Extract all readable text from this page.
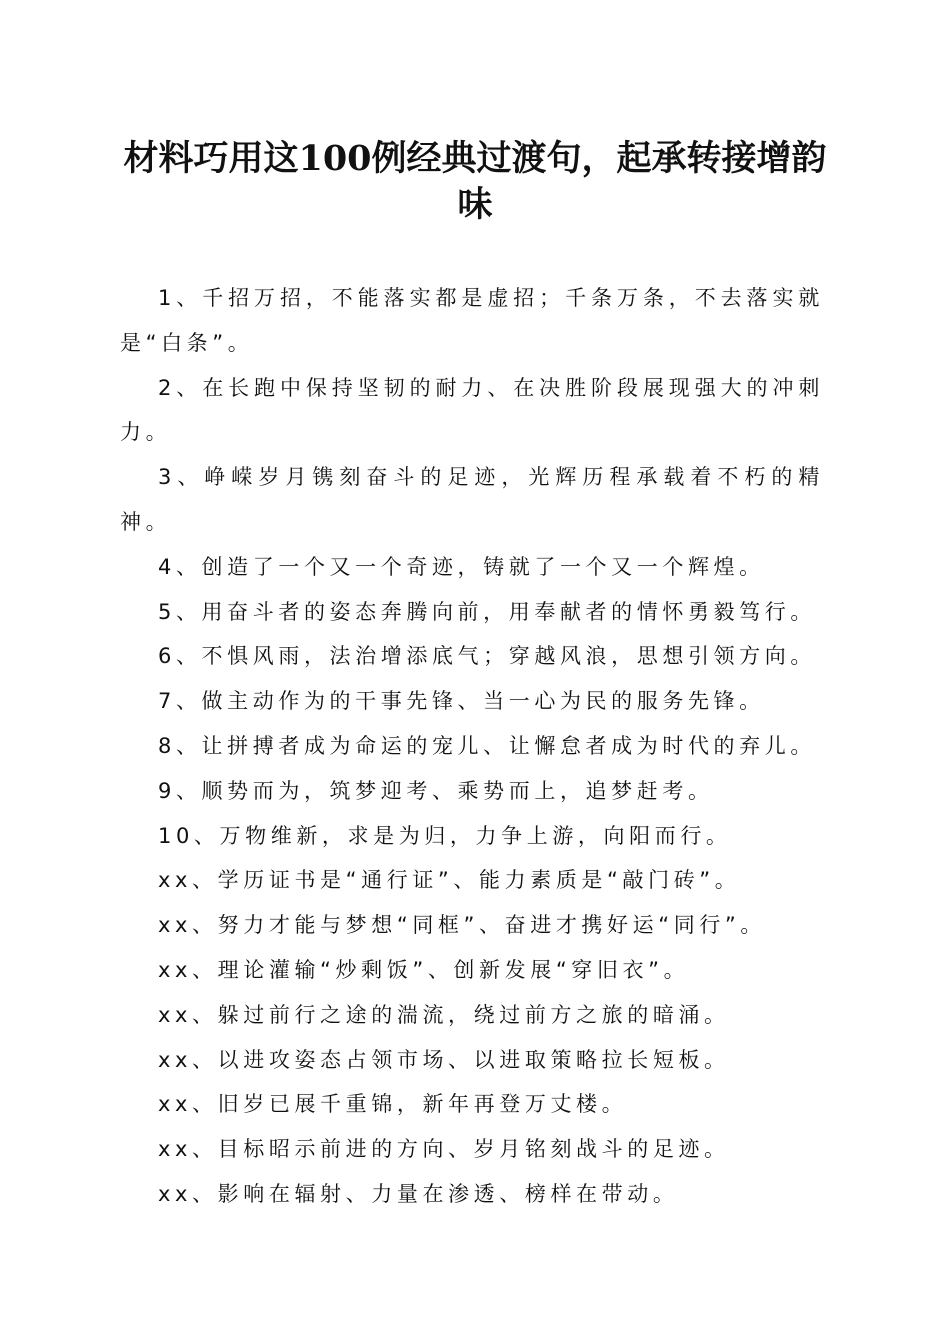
材料巧用这100例经典过渡句，起承转接增韵味

1、千招万招，不能落实都是虚招；千条万条，不去落实就是“白条”。

2、在长跑中保持坚韧的耐力、在决胜阶段展现强大的冲刺力。

3、峥嵘岁月镌刻奋斗的足迹，光辉历程承载着不朽的精神。

4、创造了一个又一个奇迹，铸就了一个又一个辉煌。

5、用奋斗者的姿态奔腾向前，用奉献者的情怀勇毅笃行。

6、不惧风雨，法治增添底气；穿越风浪，思想引领方向。

7、做主动作为的干事先锋、当一心为民的服务先锋。

8、让拼搏者成为命运的宠儿、让懈怠者成为时代的弃儿。

9、顺势而为，筑梦迎考、乘势而上，追梦赶考。

10、万物维新，求是为归，力争上游，向阳而行。

xx、学历证书是“通行证”、能力素质是“敲门砖”。

xx、努力才能与梦想“同框”、奋进才携好运“同行”。

xx、理论灌输“炒剩饭”、创新发展“穿旧衣”。

xx、躲过前行之途的湍流，绕过前方之旅的暗涌。

xx、以进攻姿态占领市场、以进取策略拉长短板。

xx、旧岁已展千重锦，新年再登万丈楼。

xx、目标昭示前进的方向、岁月铭刻战斗的足迹。

xx、影响在辐射、力量在渗透、榜样在带动。
